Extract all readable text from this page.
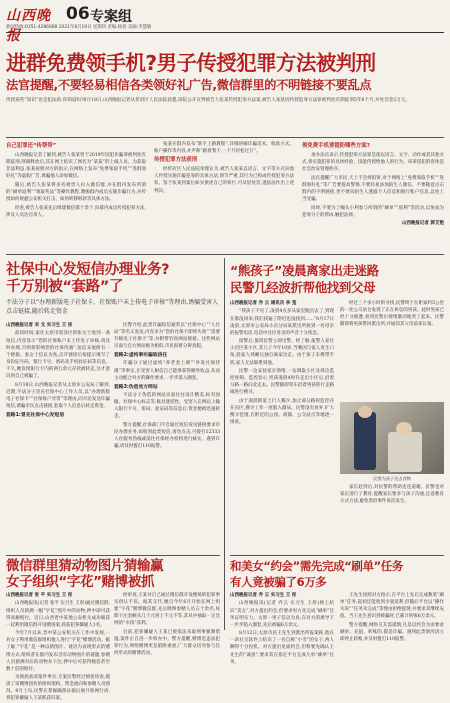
山西晚报
06 专案组
新闻热线:0351-4286668 2021年8月19日 星期四 责编:杨扬 美编:李慧敏
进群免费领手机?男子传授犯罪方法被判刑
法官提醒,不要轻易相信各类领好礼广告,微信群里的不明链接不要乱点
传授某些“知识”也是犯法的,你知道吗?8月18日,山西晚报记者从忻府区人民法院获悉,该院公开宣判被告人张某传授犯罪方法案,被告人张某因传授犯罪方法罪被判处有期徒刑5年6个月,并处罚金2万元。
自己犯罪还“传帮带”

山西晚报记者了解到,被告人张某曾于2019年因犯诈骗罪被判处有期徒刑,刑满释放后,其在网上结识了网名为“某某”的上线人员。为获取非法利益,张某按照对方的指示,在网络上发布“免费领取手机”“进群领好礼”等虚假广告,诱骗他人添加微信。

随后,被告人张某将多名被害人拉入微信群,并在群内发布所谓的“刷单返利”“领取奖品”等操作教程,教唆群内成员实施诈骗行为,并传授如何规避公安机关打击、如何转移赃款等具体方法。

经查,被告人张某先后组建微信群十余个,向群内成员传授犯罪方法,涉及人员达百余人。

张某在群内发布“新手上路教程”,详细讲解诈骗话术、收款方式、账户操作等内容,并声称“跟着我干,一个月轻松过万”。

传授犯罪方法获刑

经忻府区人民法院审理认为,被告人张某以语言、文字等方式向他人传授实施诈骗犯罪的具体方法,情节严重,其行为已构成传授犯罪方法罪。鉴于张某到案后如实供述自己的罪行,可从轻处罚,遂依法作出上述判决。

领免费手机要提防哪些方面?

承办法官表示,传授犯罪方法罪是指以语言、文字、动作或者其他方式,将实施犯罪的具体经验、技能传授给他人的行为。该罪侵犯的客体是社会治安管理秩序。

法官提醒广大市民,天上不会掉馅饼,对于网络上“免费领取手机”“进群领好礼”等广告要提高警惕,不要轻易添加陌生人微信、不要随意点击群内的不明链接,更不要向陌生人透露个人信息和银行账户信息,以免上当受骗。

同时,不要为了蝇头小利参与所谓的“刷单”“返利”等活动,以免成为犯罪分子的帮凶,触犯法律。

山西晚报记者 郭艾艳

社保中心发短信办理业务?
千万别被“套路”了
不法分子以“办理新版电子社保卡、社保账户未上传电子审核”等理由,诱骗受害人点击链接,随后转走资金

山西晚报记者 宋 戈 实习生 王 彤

前段时间,家住太原市迎泽区的张女士收到一条短信,内容显示“您的社保账户未上传电子审核,请及时办理,否则将影响您的社保待遇”,短信末尾附有一个链接。张女士信以为真,点开链接后按提示填写了身份证号码、银行卡号、密码及手机验证码等信息。不久,她发现银行卡内的两万余元存款被转走,这才意识到自己被骗了。

8月18日,山西晚报记者从太原市公安局了解到,近期,不法分子冒充社保中心工作人员,以“办理新版电子社保卡”“社保账户异常”等理由,向市民发送诈骗短信,诱骗市民点击链接,套取个人信息后转走资金。

套路1:冒充社保中心发短信

民警介绍,此类诈骗短信通常以“社保中心”“人社局”等名义发送,内容多为“您的社保卡即将失效”“需要升级电子社保卡”等,并附带钓鱼网站链接。这些网站页面与官方网站极为相似,市民很难分辨真假。

套路2:虚构事实骗取信任

诈骗分子通过虚构“养老金上调”“补发社保待遇”等事实,让受害人相信自己能够获得额外收益,从而主动配合对方的操作要求,一步步落入圈套。

套路3:伪造官方网站

不法分子伪造的网站页面往往设计精美,标有国徽、社保中心标志等,极具迷惑性。受害人在网站上输入银行卡号、密码、验证码等信息后,资金便被迅速转走。

警方提醒,社保部门不会通过短信发送链接要求市民办理业务,如收到此类短信,请勿点击,可拨打12333人社服务热线或前往社保经办机构进行核实。遇到诈骗,请及时拨打110报警。

“熊孩子”凌晨离家出走迷路
民警几经波折帮他找到父母

山西晚报记者 乔 云 通讯员 李 莹

“我孩子不见了,凌晨4点多从家里跑出去了,到现在都没回来,我们找遍了附近也没找到……”8月17日凌晨,太原市公安局小店分局某派出所接到一名母亲的报警电话,电话中这位母亲的声音十分焦急。

接警后,值班民警立即出警。经了解,报警人家住小店区某小区,其儿子今年10岁,当晚因与家人发生口角,趁家人熟睡后独自离家出走。由于孩子未携带手机,家人无法联系到他。

民警一边安抚家长情绪,一边调取小区及周边监控视频。监控显示,男孩凌晨4时许走出小区后,沿着马路一路向北走去。民警随即驾车沿着男孩的行走路线进行搜寻。

由于凌晨街道上行人稀少,加之部分路段监控存在盲区,搜寻工作一度陷入僵局。民警没有放弃,扩大搜寻范围,在附近的公园、商铺、公交站点等地逐一排查。

经过三个多小时的寻找,民警终于在距家约5公里的一处公交站台发现了正在休息的男孩。此时男孩已经十分疲惫,看到民警后情绪激动地哭了起来。民警随即将男孩带回派出所,并通知其父母前来认领。

民警为孩子送去食物

家长赶到后,对民警的帮助连连道谢。民警也对家长进行了教育,提醒家长要多与孩子沟通,注意教育方式方法,避免类似事件再次发生。

微信群里猜动物图片猜输赢
女子组织“字花”赌博被抓

山西晚报记者 张 平 实习生 王 彤

山西晚报讯(记者 张平 实习生 王彤)通过微信群,组织人员猜测一幅“字花”图片中的动物,押中即可获得高额赔付。近日,山西晋中某地公安机关成功破获一起利用微信群开设赌场案,抓获犯罪嫌疑人1名。

今年7月以来,晋中某公安机关在工作中发现,一名女子利用微信群组织他人进行“字花”赌博活动。据了解,“字花”是一种以猜图片、谜语为表现形式的赌博方式,组织者在群内发布含有动物图片的谜题,参赌人员猜测对应的动物并下注,押中后可获得数倍甚至数十倍的赔付。

为彻底查清案件事实,专案民警经过缜密侦查,摸清了该赌博团伙的组织架构、资金流向和参赌人员情况。8月上旬,民警在掌握确凿证据后展开收网行动,将犯罪嫌疑人王某抓获归案。

经审查,王某对自己通过微信群开设赌场的犯罪事实供认不讳。据其交代,她自今年6月开始在网上组建“字花”赌博微信群,先后吸纳参赌人员五十余名,每期下注金额从几十元到上千元不等,其从中抽取一定比例的“水钱”获利。

目前,犯罪嫌疑人王某已被依法采取刑事强制措施,案件正在进一步侦办中。警方提醒,赌博是违法犯罪行为,网络赌博更是陷阱重重,广大群众切勿参与任何形式的赌博活动。

和美女“约会”需先完成“刷单”任务
有人竟被骗了6万多

山西晚报记者 乔 云 实习生 王 彤

山西晚报讯(记者 乔云 实习生 王彤)网上结识“美女”,对方提出约会,但要求男方先完成“刷单”任务证明实力。太原一男子信以为真,在对方的诱导下一步步陷入圈套,先后被骗6万余元。

8月12日,太原市民王先生到派出所报案称,他在一款社交软件上结识了一名自称“小雪”的女子,两人聊得十分投机。对方提出见面约会,但称要先确认王先生的“诚意”,要求其在指定平台完成几单“刷单”任务。

王先生按照对方指示,在平台上先后完成数笔“刷单”任务,起初还能收到少量返利,但随后平台以“操作失误”“任务未完成”等理由拒绝提现,并要求其继续充值。当王先生意识到被骗时,已累计转账6万余元。

警方提醒,网络交友需谨慎,凡是以约会为由要求刷单、充值、转账的,都是诈骗。遇到此类情况请立即停止转账,并及时拨打110报警。
